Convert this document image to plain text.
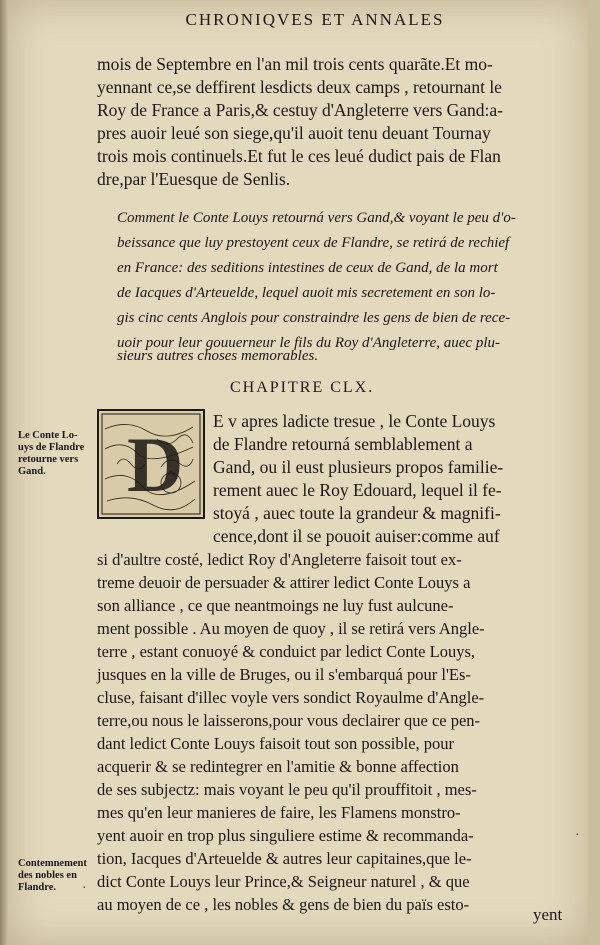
CHRONIQVES ET ANNALES
mois de Septembre en l'an mil trois cents quarãte.Et mo-
yennant ce,se deffirent lesdicts deux camps , retournant le
Roy de France a Paris,& cestuy d'Angleterre vers Gand:a-
pres auoir leué son siege,qu'il auoit tenu deuant Tournay
trois mois continuels.Et fut le ces leué dudict pais de Flan
dre,par l'Euesque de Senlis.
Comment le Conte Louys retourná vers Gand,& voyant le peu d'o-
beissance que luy prestoyent ceux de Flandre, se retirá de rechief
en France: des seditions intestines de ceux de Gand, de la mort
de Iacques d'Arteuelde, lequel auoit mis secretement en son lo-
gis cinc cents Anglois pour constraindre les gens de bien de rece-
uoir pour leur gouuerneur le fils du Roy d'Angleterre, auec plu-
sieurs autres choses memorables.
CHAPITRE CLX.
D E v apres ladicte tresue , le Conte Louys
de Flandre retourná semblablement a
Gand, ou il eust plusieurs propos familie-
rement auec le Roy Edouard, lequel il fe-
stoyá , auec toute la grandeur & magnifi-
cence,dont il se pouoit auiser:comme auf
si d'aultre costé, ledict Roy d'Angleterre faisoit tout ex-
treme deuoir de persuader & attirer ledict Conte Louys a
son alliance , ce que neantmoings ne luy fust aulcune-
ment possible . Au moyen de quoy , il se retirá vers Angle-
terre , estant conuoyé & conduict par ledict Conte Louys,
jusques en la ville de Bruges, ou il s'embarquá pour l'Es-
cluse, faisant d'illec voyle vers sondict Royaulme d'Angle-
terre,ou nous le laisserons,pour vous declairer que ce pen-
dant ledict Conte Louys faisoit tout son possible, pour
acquerir & se redintegrer en l'amitie & bonne affection
de ses subjectz: mais voyant le peu qu'il prouffitoit , mes-
mes qu'en leur manieres de faire, les Flamens monstro-
yent auoir en trop plus singuliere estime & recommanda-
tion, Iacques d'Arteuelde & autres leur capitaines,que le-
dict Conte Louys leur Prince,& Seigneur naturel , & que
au moyen de ce , les nobles & gens de bien du païs esto-
yent
Le Conte Lo-
uys de Flandre
retourne vers
Gand.
Contemnement
des nobles en
Flandre.
·
·
